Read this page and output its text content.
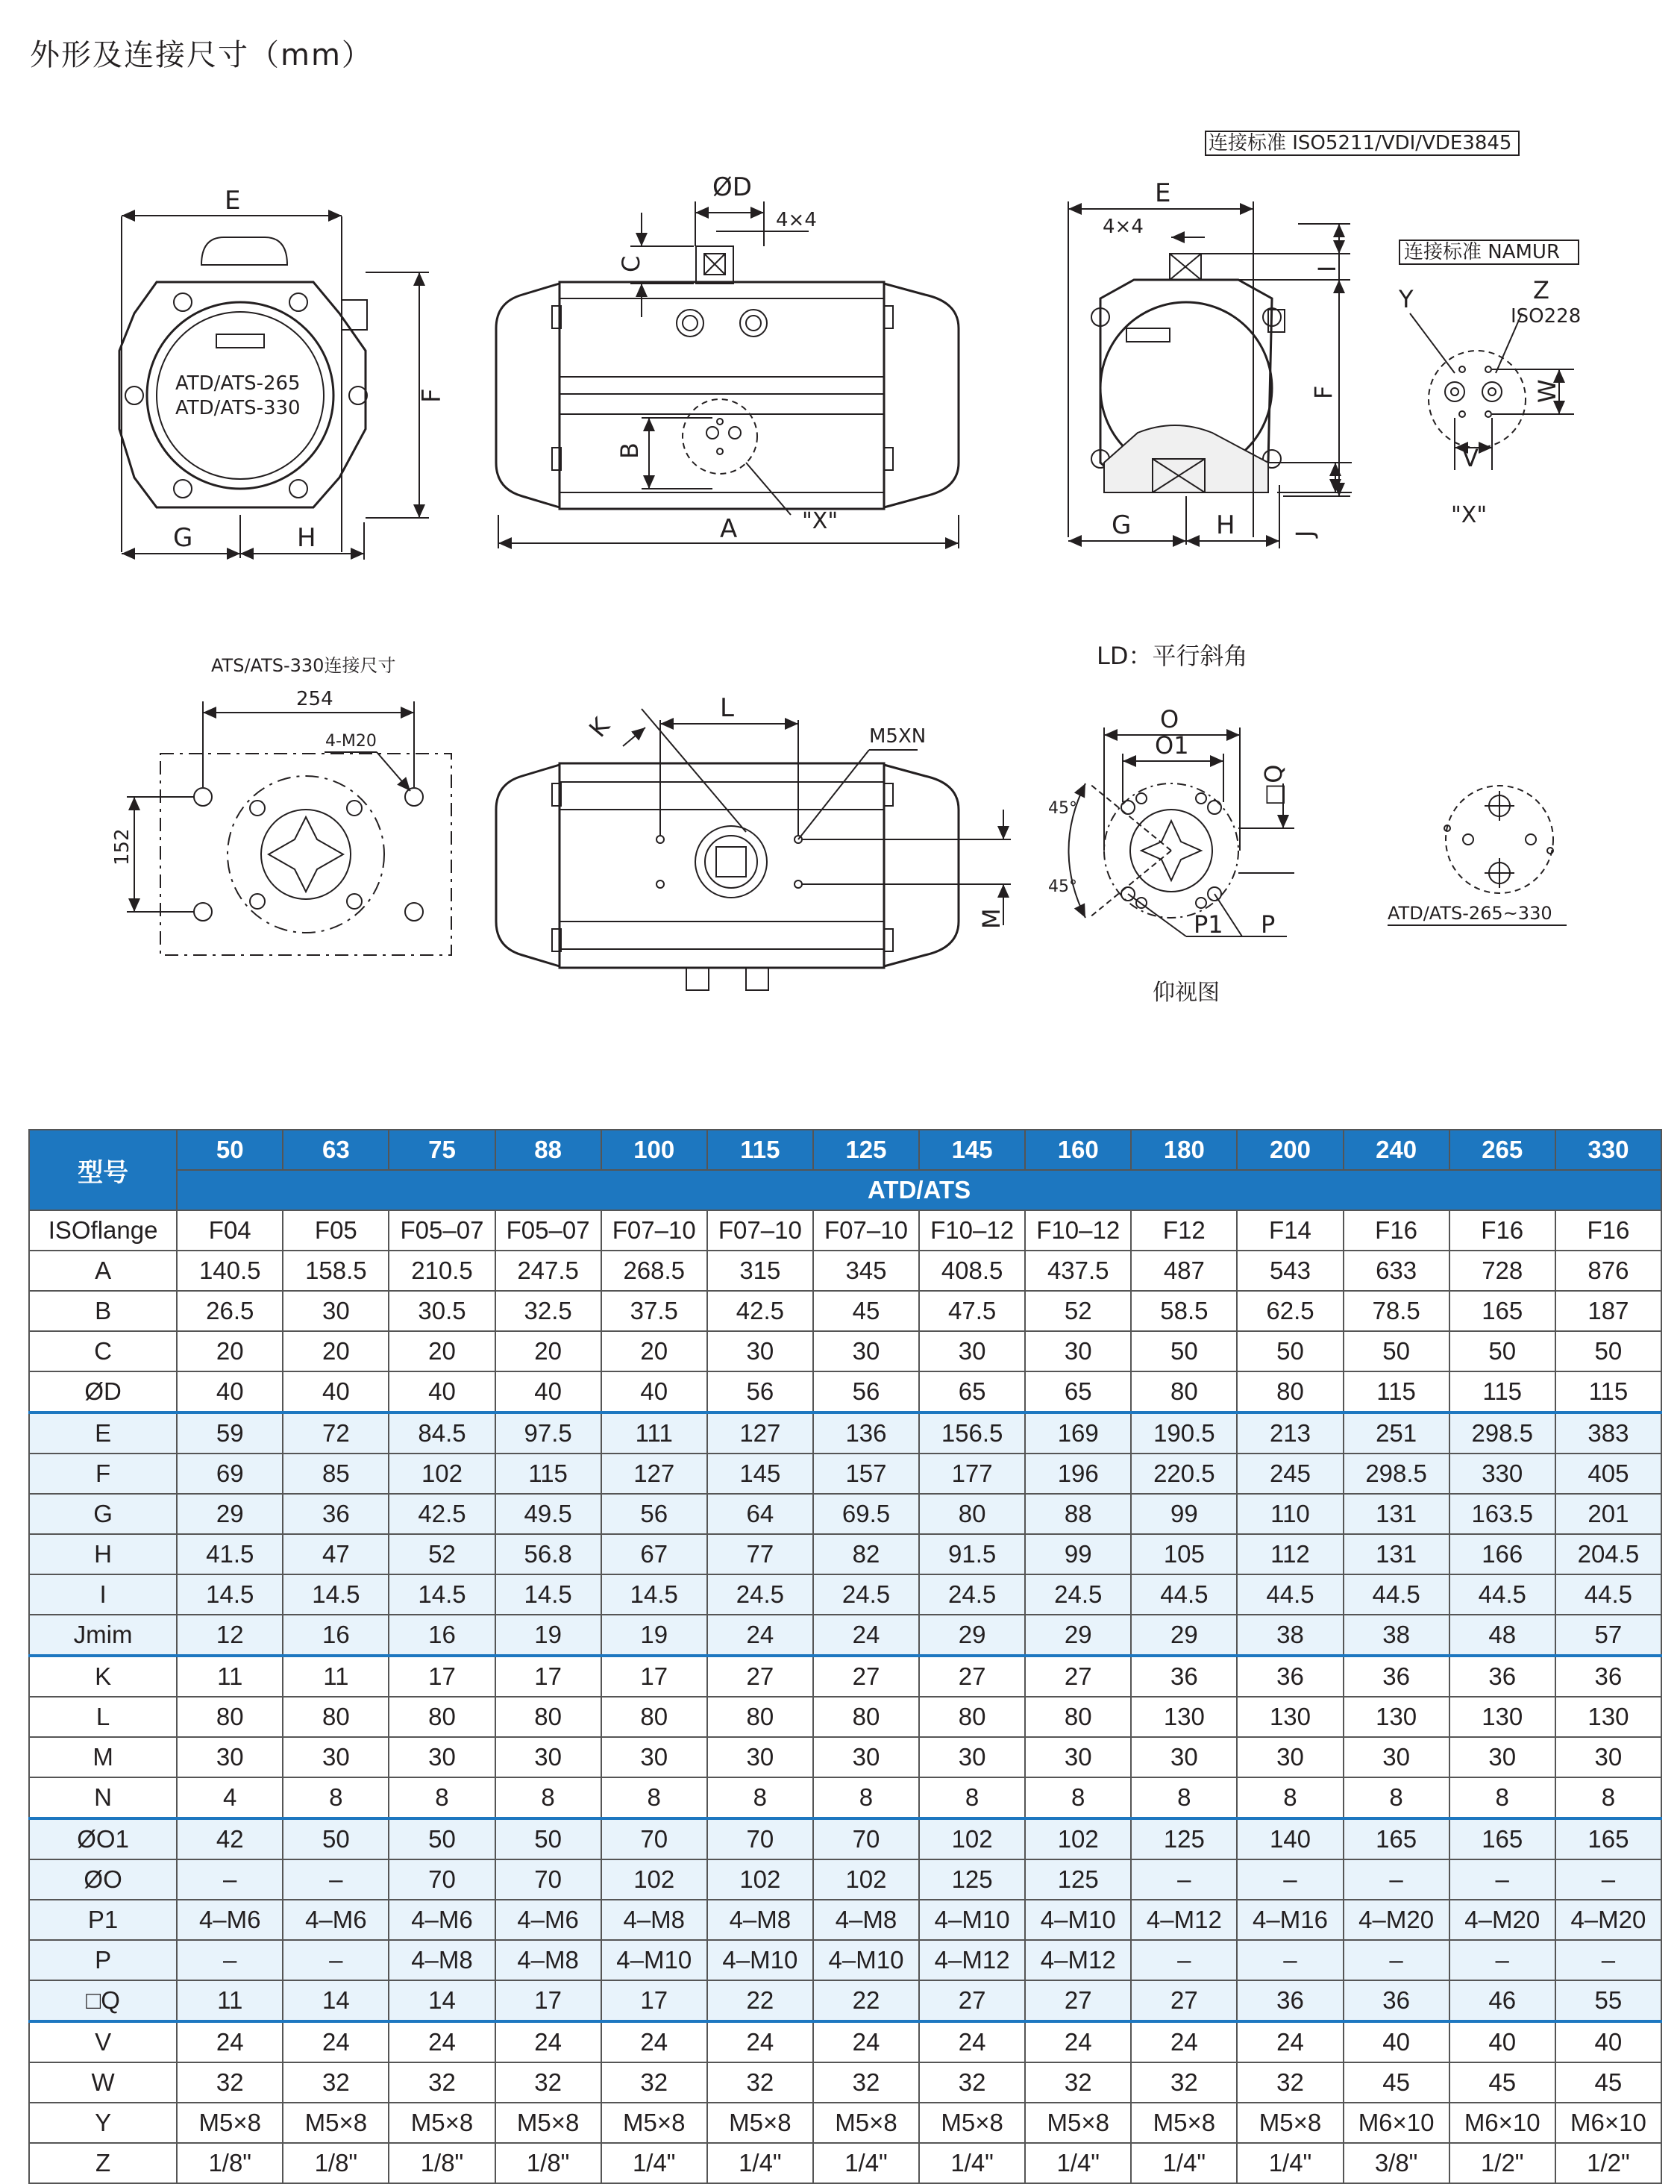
外形及连接尺寸（mm）
连接标准 ISO5211/VDI/VDE3845
连接标准 NAMUR
E
F
G	H
ATD/ATS-265
ATD/ATS-330
ØD
4×4
C
B
"X"
A
E
4×4
I
F
J
G	H
Y	Z
ISO228
W
V
"X"
ATS/ATS-330连接尺寸
254
152
4-M20	K
L
M5XN
M
LD：平行斜角
O
O1
□Q
45°
45°
P1 P
仰视图
ATD/ATS-265~330
型号	50	63	75	88	100	115	125	145	160	180	200	240	265	330
	ATD/ATS													
ISOflange	F04	F05	F05–07	F05–07	F07–10	F07–10	F07–10	F10–12	F10–12	F12	F14	F16	F16	F16
A	140.5	158.5	210.5	247.5	268.5	315	345	408.5	437.5	487	543	633	728	876
B	26.5	30	30.5	32.5	37.5	42.5	45	47.5	52	58.5	62.5	78.5	165	187
C	20	20	20	20	20	30	30	30	30	50	50	50	50	50
ØD	40	40	40	40	40	56	56	65	65	80	80	115	115	115
E	59	72	84.5	97.5	111	127	136	156.5	169	190.5	213	251	298.5	383
F	69	85	102	115	127	145	157	177	196	220.5	245	298.5	330	405
G	29	36	42.5	49.5	56	64	69.5	80	88	99	110	131	163.5	201
H	41.5	47	52	56.8	67	77	82	91.5	99	105	112	131	166	204.5
I	14.5	14.5	14.5	14.5	14.5	24.5	24.5	24.5	24.5	44.5	44.5	44.5	44.5	44.5
Jmim	12	16	16	19	19	24	24	29	29	29	38	38	48	57
K	11	11	17	17	17	27	27	27	27	36	36	36	36	36
L	80	80	80	80	80	80	80	80	80	130	130	130	130	130
M	30	30	30	30	30	30	30	30	30	30	30	30	30	30
N	4	8	8	8	8	8	8	8	8	8	8	8	8	8
ØO1	42	50	50	50	70	70	70	102	102	125	140	165	165	165
ØO	–	–	70	70	102	102	102	125	125	–	–	–	–	–
P1	4–M6	4–M6	4–M6	4–M6	4–M8	4–M8	4–M8	4–M10	4–M10	4–M12	4–M16	4–M20	4–M20	4–M20
P	–	–	4–M8	4–M8	4–M10	4–M10	4–M10	4–M12	4–M12	–	–	–	–	–
□Q	11	14	14	17	17	22	22	27	27	27	36	36	46	55
V	24	24	24	24	24	24	24	24	24	24	24	40	40	40
W	32	32	32	32	32	32	32	32	32	32	32	45	45	45
Y	M5×8	M5×8	M5×8	M5×8	M5×8	M5×8	M5×8	M5×8	M5×8	M5×8	M5×8	M6×10	M6×10	M6×10
Z	1/8"	1/8"	1/8"	1/8"	1/4"	1/4"	1/4"	1/4"	1/4"	1/4"	1/4"	3/8"	1/2"	1/2"
